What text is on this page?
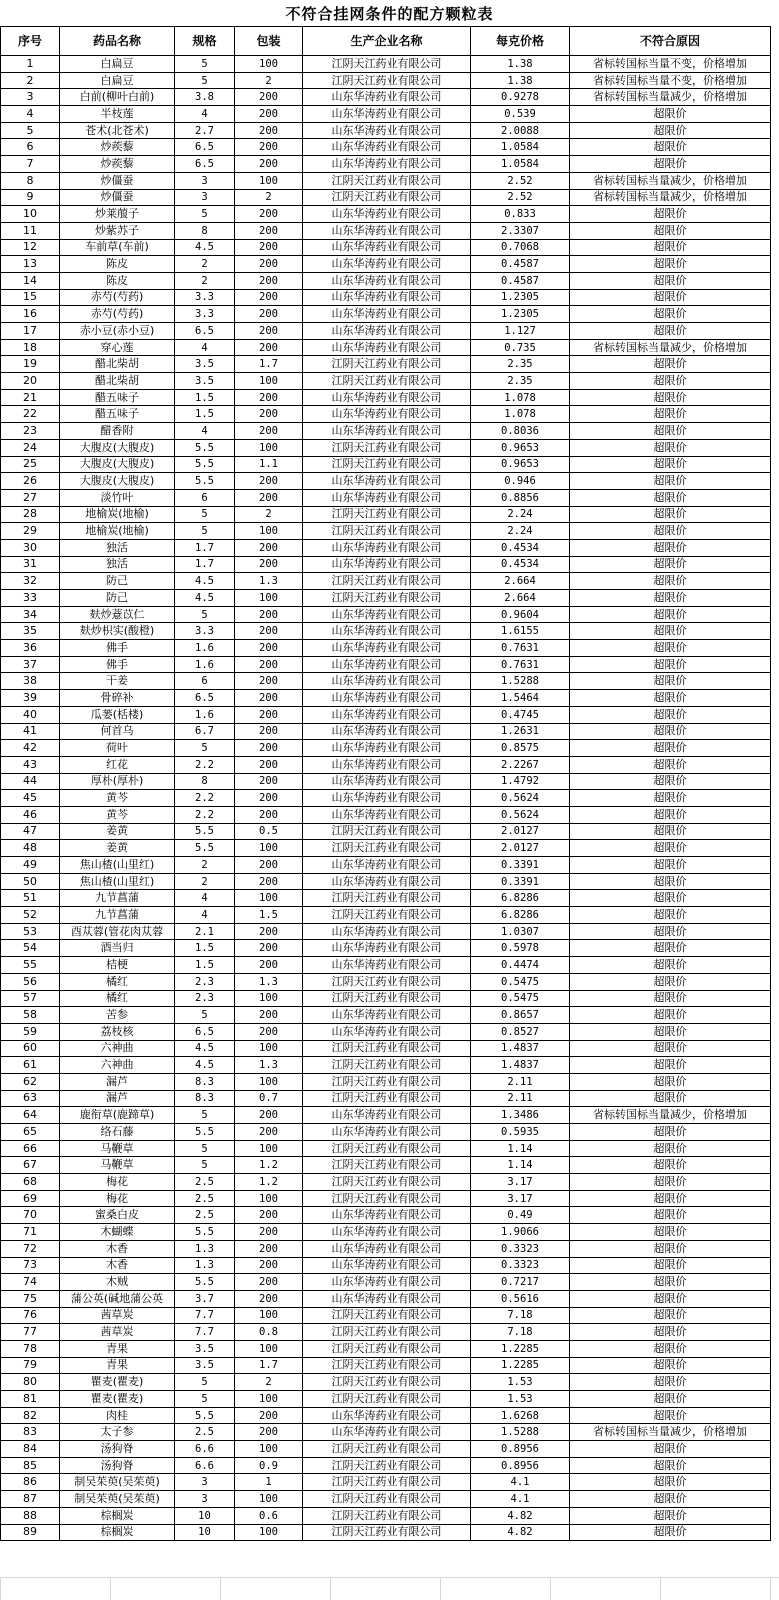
不符合挂网条件的配方颗粒表
序号	药品名称	规格	包装	生产企业名称	每克价格	不符合原因
1	白扁豆	5	100	江阴天江药业有限公司	1.38	省标转国标当量不变，价格增加
2	白扁豆	5	2	江阴天江药业有限公司	1.38	省标转国标当量不变，价格增加
3	白前(柳叶白前)	3.8	200	山东华涛药业有限公司	0.9278	省标转国标当量减少，价格增加
4	半枝莲	4	200	山东华涛药业有限公司	0.539	超限价
5	苍术(北苍术)	2.7	200	山东华涛药业有限公司	2.0088	超限价
6	炒蒺藜	6.5	200	山东华涛药业有限公司	1.0584	超限价
7	炒蒺藜	6.5	200	山东华涛药业有限公司	1.0584	超限价
8	炒僵蚕	3	100	江阴天江药业有限公司	2.52	省标转国标当量减少，价格增加
9	炒僵蚕	3	2	江阴天江药业有限公司	2.52	省标转国标当量减少，价格增加
10	炒莱菔子	5	200	山东华涛药业有限公司	0.833	超限价
11	炒紫苏子	8	200	山东华涛药业有限公司	2.3307	超限价
12	车前草(车前)	4.5	200	山东华涛药业有限公司	0.7068	超限价
13	陈皮	2	200	山东华涛药业有限公司	0.4587	超限价
14	陈皮	2	200	山东华涛药业有限公司	0.4587	超限价
15	赤芍(芍药)	3.3	200	山东华涛药业有限公司	1.2305	超限价
16	赤芍(芍药)	3.3	200	山东华涛药业有限公司	1.2305	超限价
17	赤小豆(赤小豆)	6.5	200	山东华涛药业有限公司	1.127	超限价
18	穿心莲	4	200	山东华涛药业有限公司	0.735	省标转国标当量减少，价格增加
19	醋北柴胡	3.5	1.7	江阴天江药业有限公司	2.35	超限价
20	醋北柴胡	3.5	100	江阴天江药业有限公司	2.35	超限价
21	醋五味子	1.5	200	山东华涛药业有限公司	1.078	超限价
22	醋五味子	1.5	200	山东华涛药业有限公司	1.078	超限价
23	醋香附	4	200	山东华涛药业有限公司	0.8036	超限价
24	大腹皮(大腹皮)	5.5	100	江阴天江药业有限公司	0.9653	超限价
25	大腹皮(大腹皮)	5.5	1.1	江阴天江药业有限公司	0.9653	超限价
26	大腹皮(大腹皮)	5.5	200	山东华涛药业有限公司	0.946	超限价
27	淡竹叶	6	200	山东华涛药业有限公司	0.8856	超限价
28	地榆炭(地榆)	5	2	江阴天江药业有限公司	2.24	超限价
29	地榆炭(地榆)	5	100	江阴天江药业有限公司	2.24	超限价
30	独活	1.7	200	山东华涛药业有限公司	0.4534	超限价
31	独活	1.7	200	山东华涛药业有限公司	0.4534	超限价
32	防己	4.5	1.3	江阴天江药业有限公司	2.664	超限价
33	防己	4.5	100	江阴天江药业有限公司	2.664	超限价
34	麸炒薏苡仁	5	200	山东华涛药业有限公司	0.9604	超限价
35	麸炒枳实(酸橙)	3.3	200	山东华涛药业有限公司	1.6155	超限价
36	佛手	1.6	200	山东华涛药业有限公司	0.7631	超限价
37	佛手	1.6	200	山东华涛药业有限公司	0.7631	超限价
38	干姜	6	200	山东华涛药业有限公司	1.5288	超限价
39	骨碎补	6.5	200	山东华涛药业有限公司	1.5464	超限价
40	瓜蒌(栝楼)	1.6	200	山东华涛药业有限公司	0.4745	超限价
41	何首乌	6.7	200	山东华涛药业有限公司	1.2631	超限价
42	荷叶	5	200	山东华涛药业有限公司	0.8575	超限价
43	红花	2.2	200	山东华涛药业有限公司	2.2267	超限价
44	厚朴(厚朴)	8	200	山东华涛药业有限公司	1.4792	超限价
45	黄芩	2.2	200	山东华涛药业有限公司	0.5624	超限价
46	黄芩	2.2	200	山东华涛药业有限公司	0.5624	超限价
47	姜黄	5.5	0.5	江阴天江药业有限公司	2.0127	超限价
48	姜黄	5.5	100	江阴天江药业有限公司	2.0127	超限价
49	焦山楂(山里红)	2	200	山东华涛药业有限公司	0.3391	超限价
50	焦山楂(山里红)	2	200	山东华涛药业有限公司	0.3391	超限价
51	九节菖蒲	4	100	江阴天江药业有限公司	6.8286	超限价
52	九节菖蒲	4	1.5	江阴天江药业有限公司	6.8286	超限价
53	酉苁蓉(管花肉苁蓉	2.1	200	山东华涛药业有限公司	1.0307	超限价
54	酒当归	1.5	200	山东华涛药业有限公司	0.5978	超限价
55	桔梗	1.5	200	山东华涛药业有限公司	0.4474	超限价
56	橘红	2.3	1.3	江阴天江药业有限公司	0.5475	超限价
57	橘红	2.3	100	江阴天江药业有限公司	0.5475	超限价
58	苦参	5	200	山东华涛药业有限公司	0.8657	超限价
59	荔枝核	6.5	200	山东华涛药业有限公司	0.8527	超限价
60	六神曲	4.5	100	江阴天江药业有限公司	1.4837	超限价
61	六神曲	4.5	1.3	江阴天江药业有限公司	1.4837	超限价
62	漏芦	8.3	100	江阴天江药业有限公司	2.11	超限价
63	漏芦	8.3	0.7	江阴天江药业有限公司	2.11	超限价
64	鹿衔草(鹿蹄草)	5	200	山东华涛药业有限公司	1.3486	省标转国标当量减少，价格增加
65	络石藤	5.5	200	山东华涛药业有限公司	0.5935	超限价
66	马鞭草	5	100	江阴天江药业有限公司	1.14	超限价
67	马鞭草	5	1.2	江阴天江药业有限公司	1.14	超限价
68	梅花	2.5	1.2	江阴天江药业有限公司	3.17	超限价
69	梅花	2.5	100	江阴天江药业有限公司	3.17	超限价
70	蜜桑白皮	2.5	200	山东华涛药业有限公司	0.49	超限价
71	木蝴蝶	5.5	200	山东华涛药业有限公司	1.9066	超限价
72	木香	1.3	200	山东华涛药业有限公司	0.3323	超限价
73	木香	1.3	200	山东华涛药业有限公司	0.3323	超限价
74	木贼	5.5	200	山东华涛药业有限公司	0.7217	超限价
75	蒲公英(碱地蒲公英	3.7	200	山东华涛药业有限公司	0.5616	超限价
76	茜草炭	7.7	100	江阴天江药业有限公司	7.18	超限价
77	茜草炭	7.7	0.8	江阴天江药业有限公司	7.18	超限价
78	青果	3.5	100	江阴天江药业有限公司	1.2285	超限价
79	青果	3.5	1.7	江阴天江药业有限公司	1.2285	超限价
80	瞿麦(瞿麦)	5	2	江阴天江药业有限公司	1.53	超限价
81	瞿麦(瞿麦)	5	100	江阴天江药业有限公司	1.53	超限价
82	肉桂	5.5	200	山东华涛药业有限公司	1.6268	超限价
83	太子参	2.5	200	山东华涛药业有限公司	1.5288	省标转国标当量减少，价格增加
84	汤狗脊	6.6	100	江阴天江药业有限公司	0.8956	超限价
85	汤狗脊	6.6	0.9	江阴天江药业有限公司	0.8956	超限价
86	制吴茱萸(吴茱萸)	3	1	江阴天江药业有限公司	4.1	超限价
87	制吴茱萸(吴茱萸)	3	100	江阴天江药业有限公司	4.1	超限价
88	棕榈炭	10	0.6	江阴天江药业有限公司	4.82	超限价
89	棕榈炭	10	100	江阴天江药业有限公司	4.82	超限价
